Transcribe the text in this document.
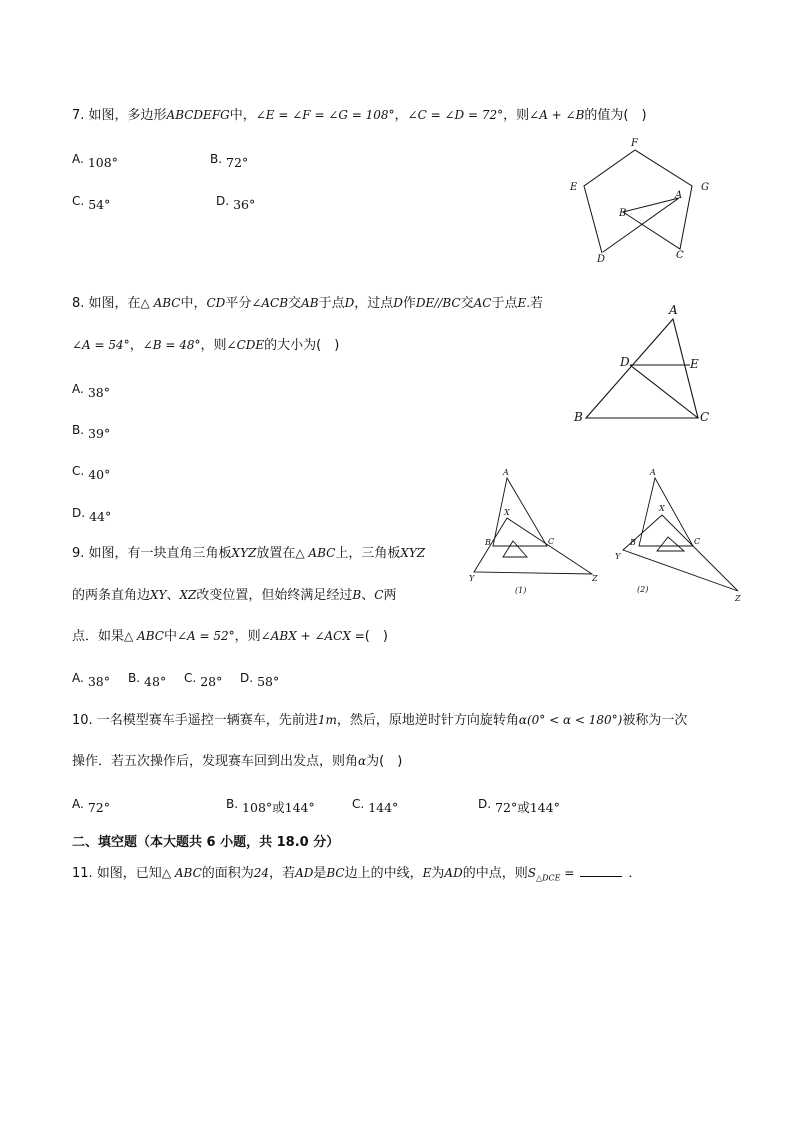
7. 如图，多边形ABCDEFG中，∠E = ∠F = ∠G = 108°，∠C = ∠D = 72°，则∠A + ∠B的值为(　)
A. 108°	B. 72°
C. 54°	D. 36°
F
E	G
A
B
D	C
8. 如图，在△ ABC中，CD平分∠ACB交AB于点D，过点D作DE//BC交AC于点E.若
∠A = 54°，∠B = 48°，则∠CDE的大小为(　)
A. 38°
B. 39°
C. 40°
D. 44°
A
D	E
B	C
9. 如图，有一块直角三角板XYZ放置在△ ABC上，三角板XYZ
的两条直角边XY、XZ改变位置，但始终满足经过B、C两
点．如果△ ABC中∠A = 52°，则∠ABX + ∠ACX =(　)
A. 38° B. 48° C. 28° D. 58°
A
X
B	C
Y	Z
(1)
A
X
B	C
Y
Z
(2)
10. 一名模型赛车手遥控一辆赛车，先前进1m，然后，原地逆时针方向旋转角α(0° < α < 180°)被称为一次
操作．若五次操作后，发现赛车回到出发点，则角α为(　)
A. 72°	B. 108°或144°	C. 144°	D. 72°或144°
二、填空题（本大题共 6 小题，共 18.0 分）
11. 如图，已知△ ABC的面积为24，若AD是BC边上的中线，E为AD的中点，则$S_{\triangle DCE}$ =	．
